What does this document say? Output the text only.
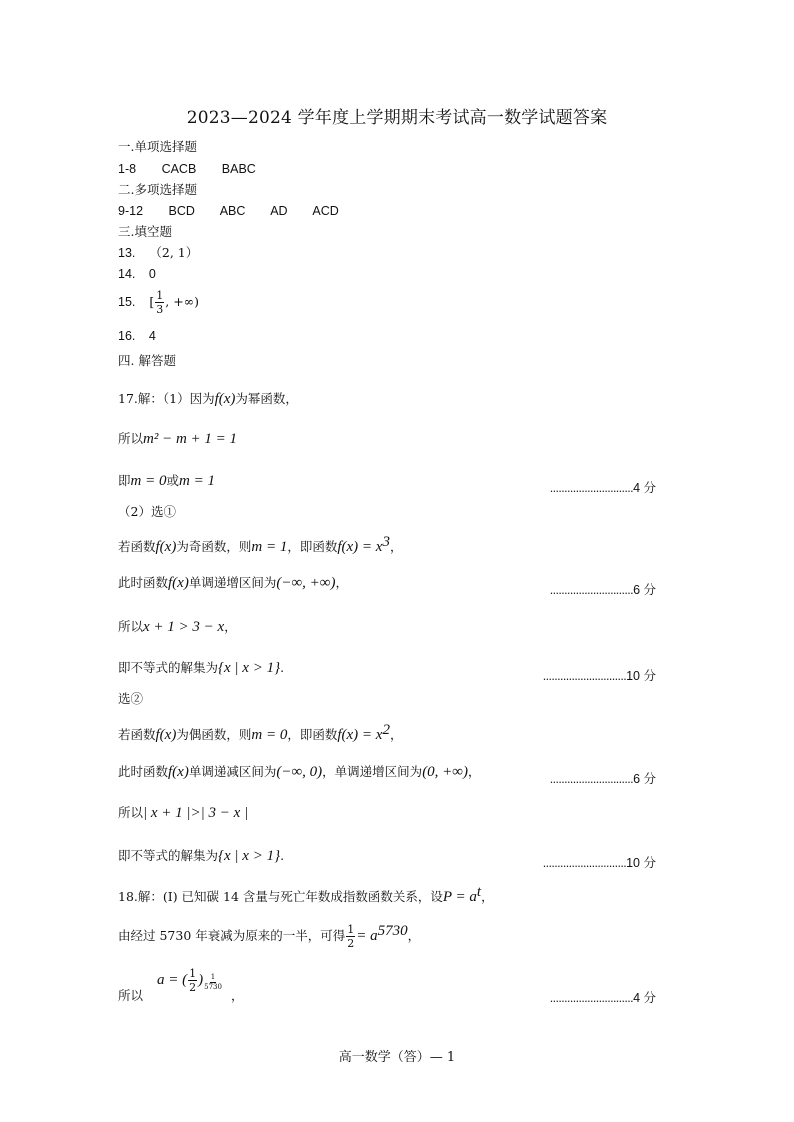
2023—2024 学年度上学期期末考试高一数学试题答案
一.单项选择题
1-8 CACB BABC
二.多项选择题
9-12 BCD ABC AD ACD
三.填空题
13. （2, 1）
14. 0
15. [ $\frac{1}{3}$ , +∞)
16. 4
四. 解答题
17.解：（1）因为f(x)为幂函数，
所以m² − m + 1 = 1
即m = 0或m = 1	.............................4 分
（2）选①
若函数f(x)为奇函数，则m = 1，即函数$f(x) = x^3$，
此时函数f(x)单调递增区间为(−∞, +∞)，	.............................6 分
所以x + 1 > 3 − x，
即不等式的解集为{x | x > 1}.
.............................10 分
选②
若函数f(x)为偶函数，则m = 0，即函数$f(x) = x^2$，
此时函数f(x)单调递减区间为(−∞, 0)，单调递增区间为(0, +∞)，	.............................6 分
所以| x + 1 |>| 3 − x |
即不等式的解集为{x | x > 1}.	.............................10 分
18.解：(I) 已知碳 14 含量与死亡年数成指数函数关系，设$P = a^t$，
由经过 5730 年衰减为原来的一半，可得 $\frac{1}{2} = a^{5730}$，
所以 a = ( $\frac{1}{2}$ ) $\frac{1}{5730}$
，	.............................4 分
高一数学（答）— 1
